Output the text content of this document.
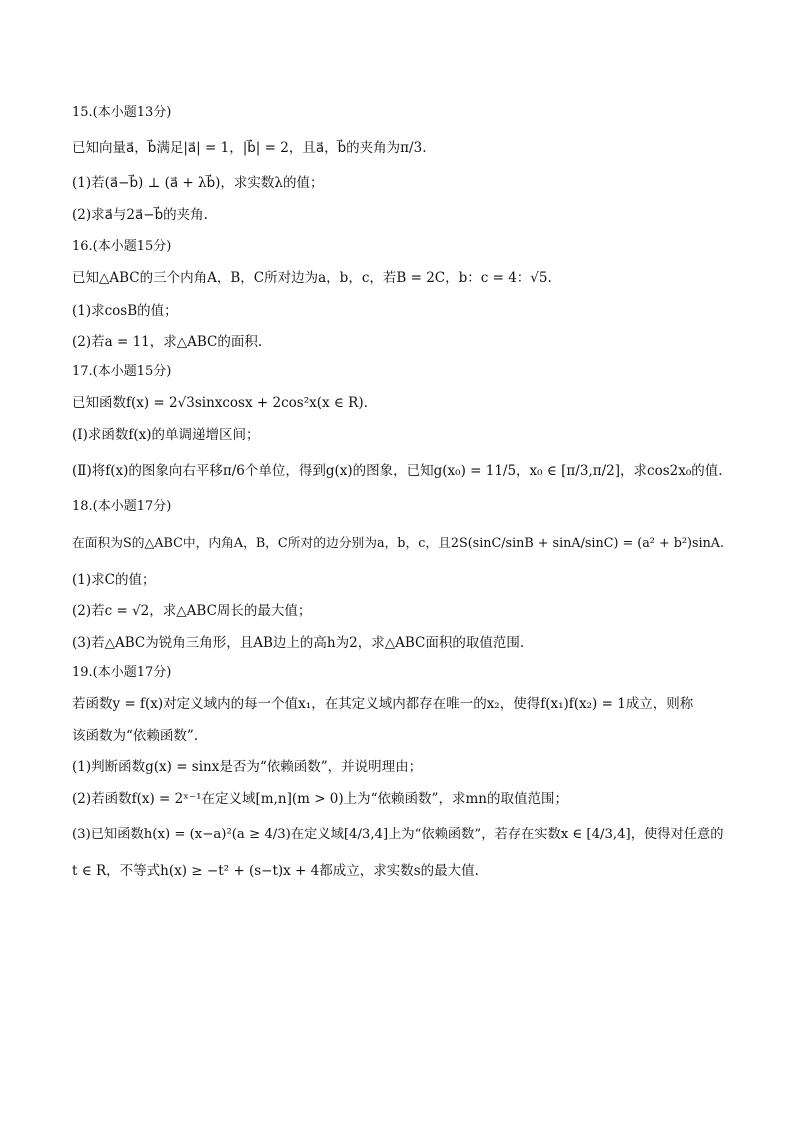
15.(本小题13分)
已知向量a⃗，b⃗满足|a⃗| = 1，|b⃗| = 2，且a⃗，b⃗的夹角为π/3.
(1)若(a⃗−b⃗) ⊥ (a⃗ + λb⃗)，求实数λ的值；
(2)求a⃗与2a⃗−b⃗的夹角.
16.(本小题15分)
已知△ABC的三个内角A，B，C所对边为a，b，c，若B = 2C，b：c = 4：√5.
(1)求cosB的值；
(2)若a = 11，求△ABC的面积.
17.(本小题15分)
已知函数f(x) = 2√3sinxcosx + 2cos²x(x ∈ R).
(Ⅰ)求函数f(x)的单调递增区间；
(Ⅱ)将f(x)的图象向右平移π/6个单位，得到g(x)的图象，已知g(x₀) = 11/5，x₀ ∈ [π/3,π/2]，求cos2x₀的值.
18.(本小题17分)
在面积为S的△ABC中，内角A，B，C所对的边分别为a，b，c，且2S(sinC/sinB + sinA/sinC) = (a² + b²)sinA.
(1)求C的值；
(2)若c = √2，求△ABC周长的最大值；
(3)若△ABC为锐角三角形，且AB边上的高h为2，求△ABC面积的取值范围.
19.(本小题17分)
若函数y = f(x)对定义域内的每一个值x₁，在其定义域内都存在唯一的x₂，使得f(x₁)f(x₂) = 1成立，则称
该函数为“依赖函数”.
(1)判断函数g(x) = sinx是否为“依赖函数”，并说明理由；
(2)若函数f(x) = 2ˣ⁻¹在定义域[m,n](m > 0)上为“依赖函数”，求mn的取值范围；
(3)已知函数h(x) = (x−a)²(a ≥ 4/3)在定义域[4/3,4]上为“依赖函数”，若存在实数x ∈ [4/3,4]，使得对任意的
t ∈ R，不等式h(x) ≥ −t² + (s−t)x + 4都成立，求实数s的最大值.
